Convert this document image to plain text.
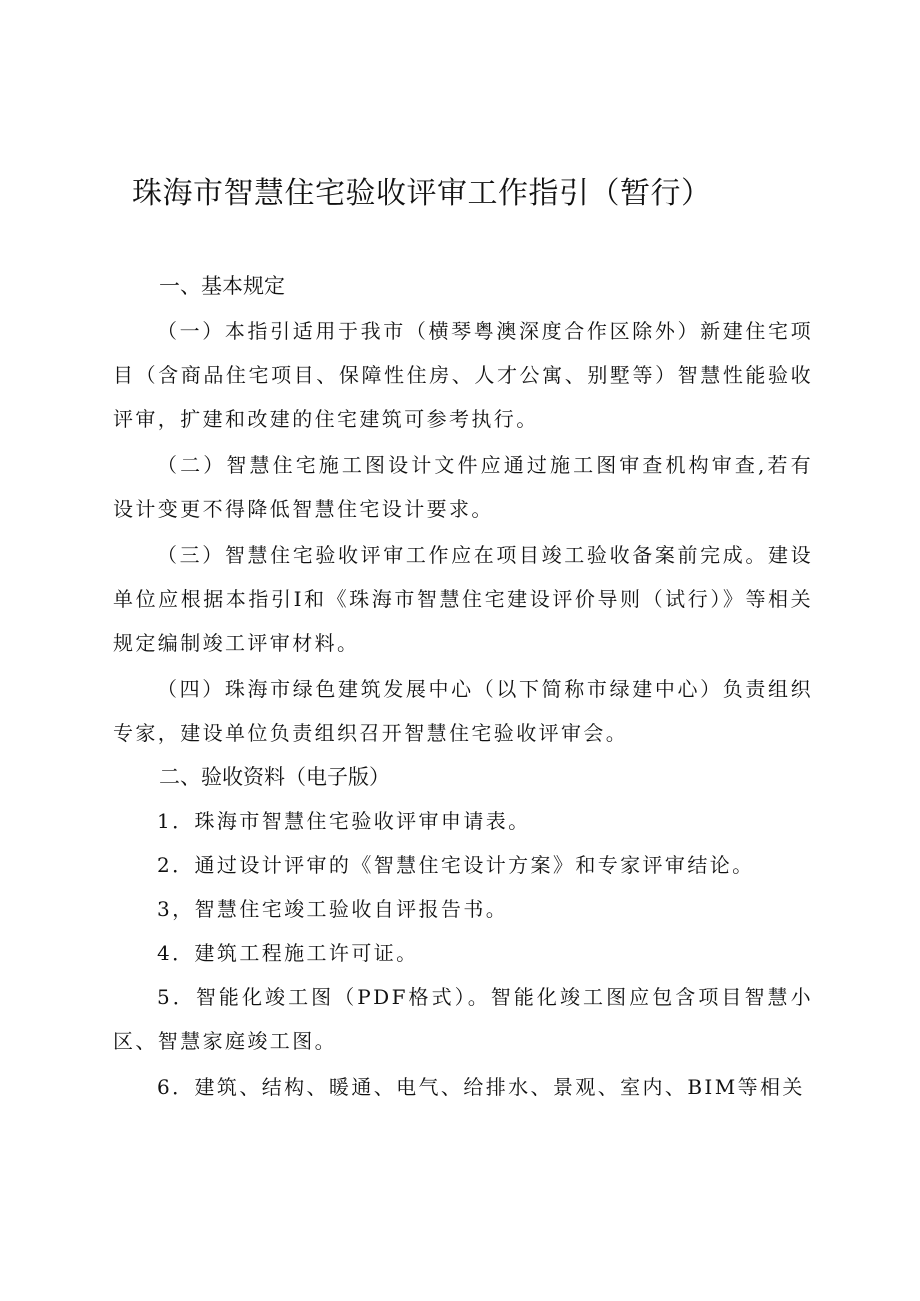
珠海市智慧住宅验收评审工作指引（暂行）
一、基本规定

（一）本指引适用于我市（横琴粤澳深度合作区除外）新建住宅项目（含商品住宅项目、保障性住房、人才公寓、别墅等）智慧性能验收评审，扩建和改建的住宅建筑可参考执行。

（二）智慧住宅施工图设计文件应通过施工图审查机构审查,若有设计变更不得降低智慧住宅设计要求。

（三）智慧住宅验收评审工作应在项目竣工验收备案前完成。建设单位应根据本指引I和《珠海市智慧住宅建设评价导则（试行）》等相关规定编制竣工评审材料。

（四）珠海市绿色建筑发展中心（以下简称市绿建中心）负责组织专家，建设单位负责组织召开智慧住宅验收评审会。

二、验收资料（电子版）

1．珠海市智慧住宅验收评审申请表。

2．通过设计评审的《智慧住宅设计方案》和专家评审结论。

3，智慧住宅竣工验收自评报告书。

4．建筑工程施工许可证。

5．智能化竣工图（PDF格式）。智能化竣工图应包含项目智慧小区、智慧家庭竣工图。

6．建筑、结构、暖通、电气、给排水、景观、室内、BIM等相关
